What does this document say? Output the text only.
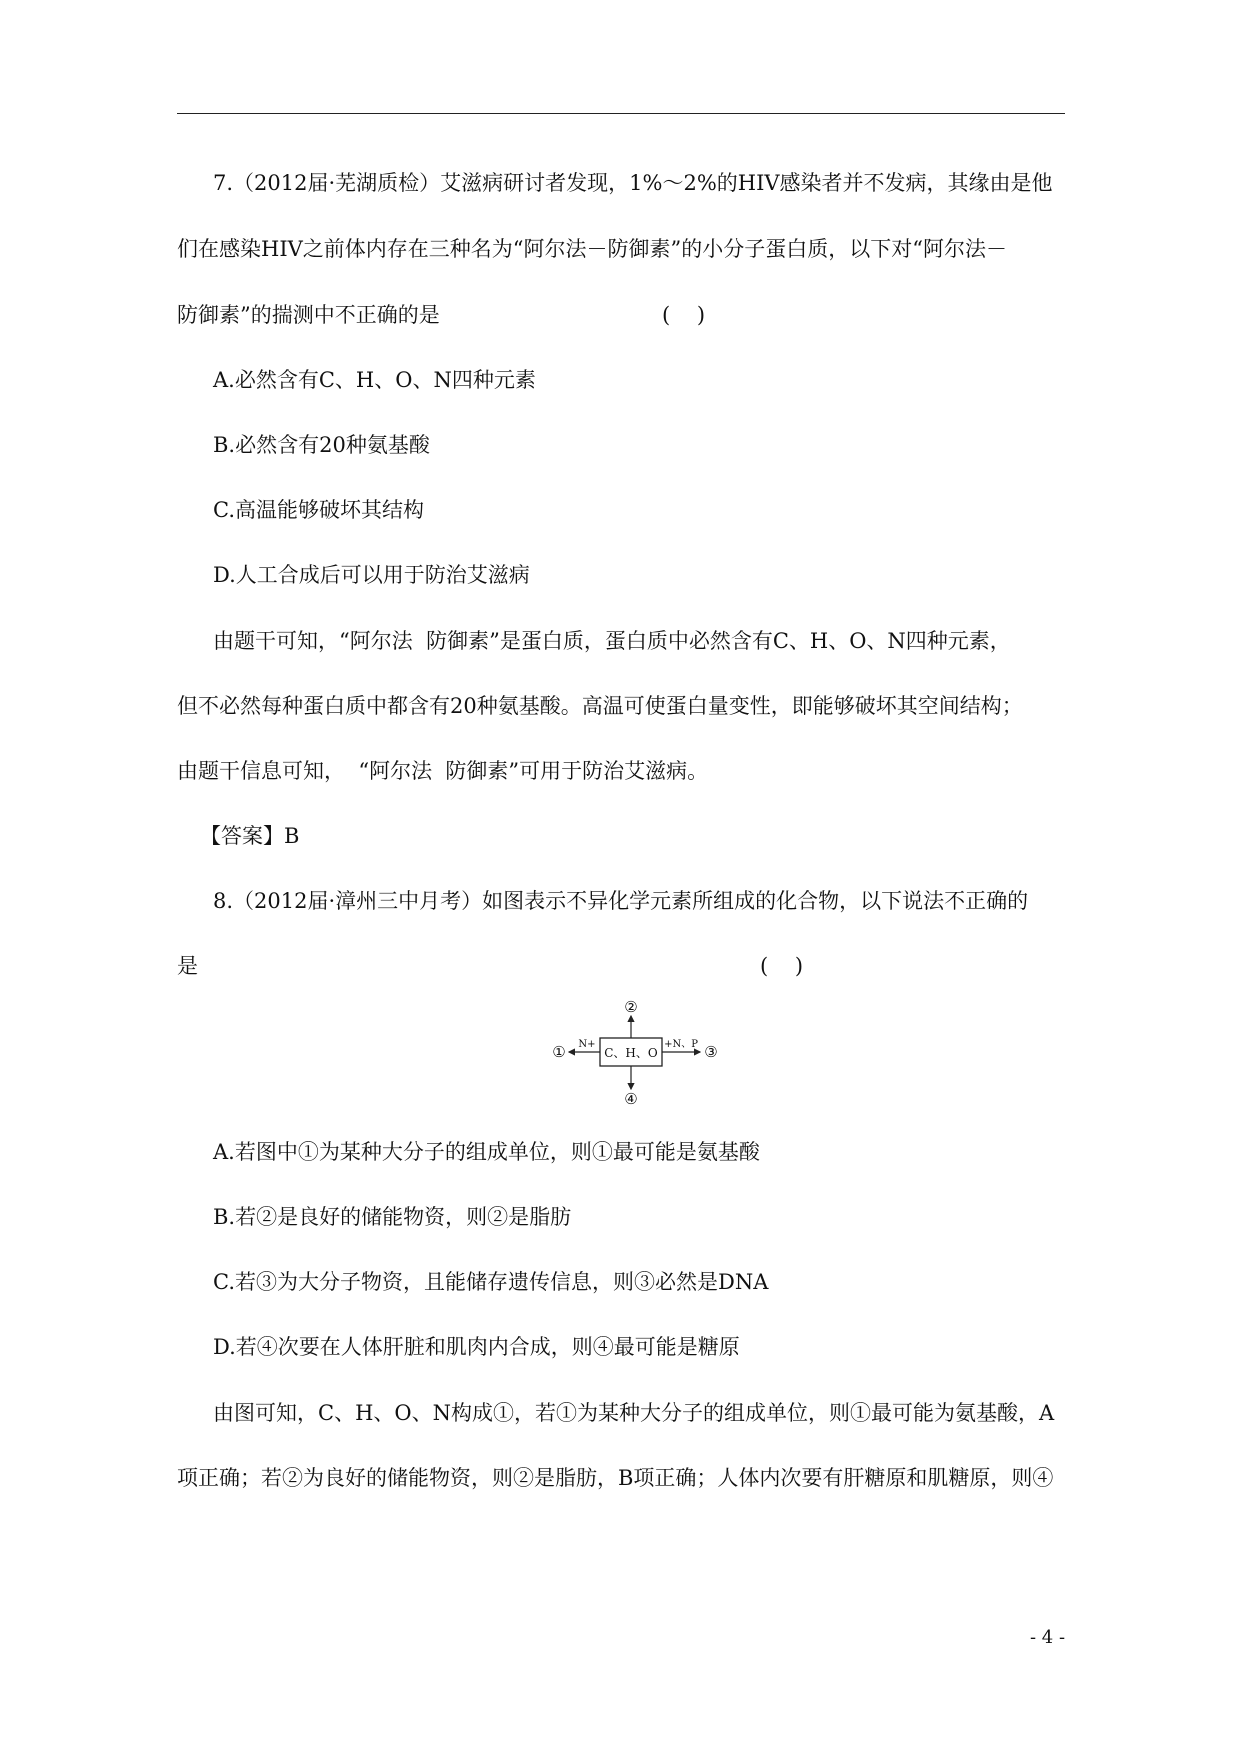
7.（2012届·芜湖质检）艾滋病研讨者发现，1%～2%的HIV感染者并不发病，其缘由是他
们在感染HIV之前体内存在三种名为“阿尔法－防御素”的小分子蛋白质，以下对“阿尔法－
防御素”的揣测中不正确的是	(    )
A.必然含有C、H、O、N四种元素
B.必然含有20种氨基酸
C.高温能够破坏其结构
D.人工合成后可以用于防治艾滋病
由题干可知，“阿尔法  防御素”是蛋白质，蛋白质中必然含有C、H、O、N四种元素，
但不必然每种蛋白质中都含有20种氨基酸。高温可使蛋白量变性，即能够破坏其空间结构；
由题干信息可知，  “阿尔法  防御素”可用于防治艾滋病。
【答案】B
8.（2012届·漳州三中月考）如图表示不异化学元素所组成的化合物，以下说法不正确的
是	(    )
C、H、O
N+	+N、P
①
②
③
④
A.若图中①为某种大分子的组成单位，则①最可能是氨基酸
B.若②是良好的储能物资，则②是脂肪
C.若③为大分子物资，且能储存遗传信息，则③必然是DNA
D.若④次要在人体肝脏和肌肉内合成，则④最可能是糖原
由图可知，C、H、O、N构成①，若①为某种大分子的组成单位，则①最可能为氨基酸，A
项正确；若②为良好的储能物资，则②是脂肪，B项正确；人体内次要有肝糖原和肌糖原，则④
- 4 -
